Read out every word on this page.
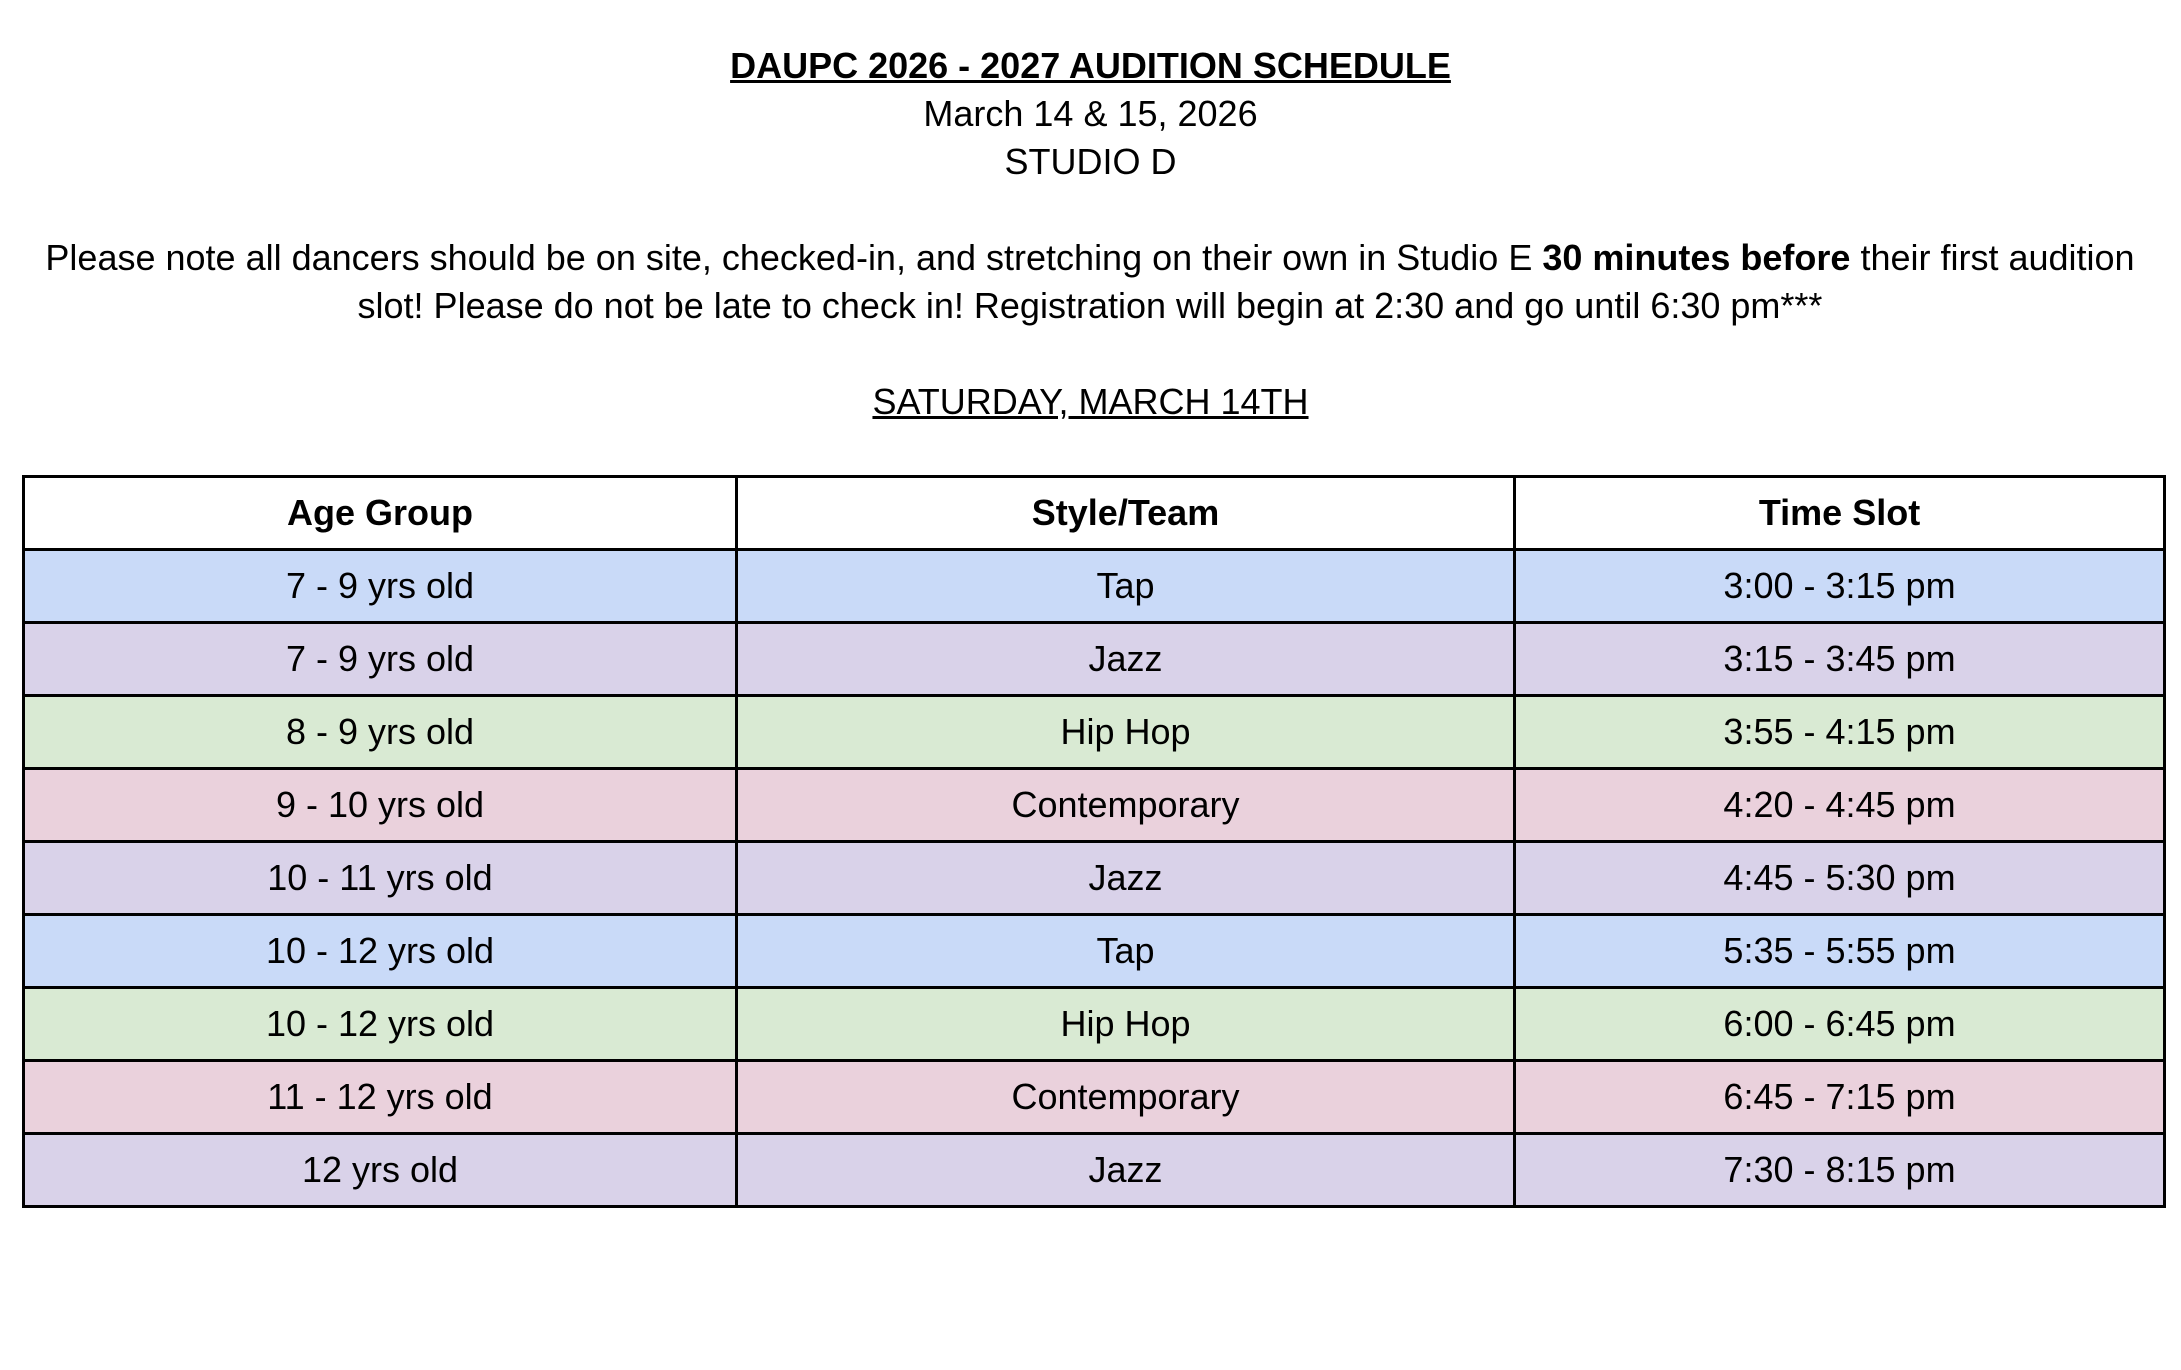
DAUPC 2026 - 2027 AUDITION SCHEDULE
March 14 & 15, 2026
STUDIO D
Please note all dancers should be on site, checked-in, and stretching on their own in Studio E 30 minutes before their first audition slot! Please do not be late to check in! Registration will begin at 2:30 and go until 6:30 pm***
SATURDAY, MARCH 14TH
Age Group	Style/Team	Time Slot
7 - 9 yrs old	Tap	3:00 - 3:15 pm
7 - 9 yrs old	Jazz	3:15 - 3:45 pm
8 - 9 yrs old	Hip Hop	3:55 - 4:15 pm
9 - 10 yrs old	Contemporary	4:20 - 4:45 pm
10 - 11 yrs old	Jazz	4:45 - 5:30 pm
10 - 12 yrs old	Tap	5:35 - 5:55 pm
10 - 12 yrs old	Hip Hop	6:00 - 6:45 pm
11 - 12 yrs old	Contemporary	6:45 - 7:15 pm
12 yrs old	Jazz	7:30 - 8:15 pm
